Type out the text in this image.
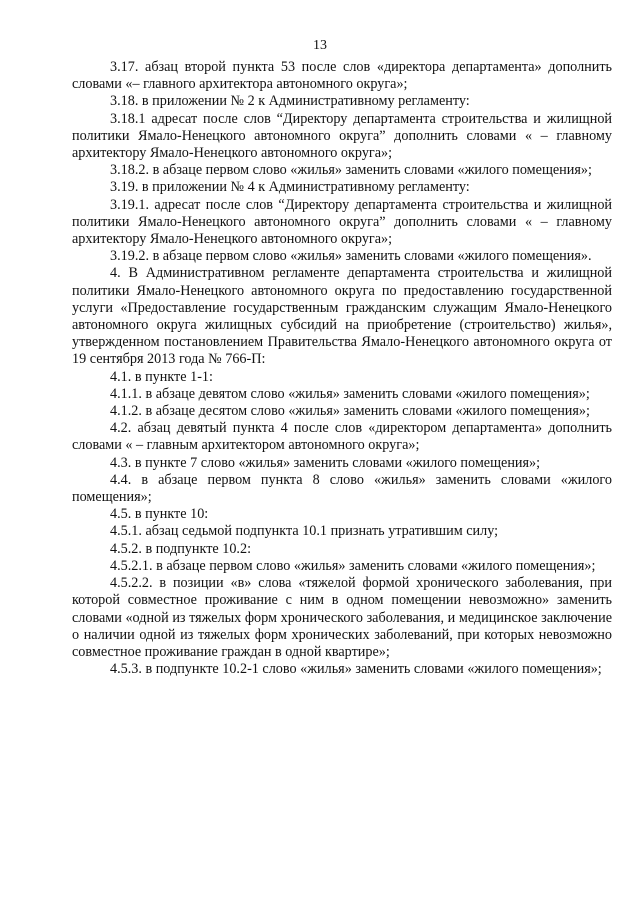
13

3.17. абзац второй пункта 53 после слов «директора департамента» дополнить словами «– главного архитектора автономного округа»;

3.18. в приложении № 2 к Административному регламенту:

3.18.1 адресат после слов “Директору департамента строительства и жилищной политики Ямало-Ненецкого автономного округа” дополнить словами « – главному архитектору Ямало-Ненецкого автономного округа»;

3.18.2. в абзаце первом слово «жилья» заменить словами «жилого помещения»;

3.19. в приложении № 4 к Административному регламенту:

3.19.1. адресат после слов “Директору департамента строительства и жилищной политики Ямало-Ненецкого автономного округа” дополнить словами « – главному архитектору Ямало-Ненецкого автономного округа»;

3.19.2. в абзаце первом слово «жилья» заменить словами «жилого помещения».

4. В Административном регламенте департамента строительства и жилищной политики Ямало-Ненецкого автономного округа по предоставлению государственной услуги «Предоставление государственным гражданским служащим Ямало-Ненецкого автономного округа жилищных субсидий на приобретение (строительство) жилья», утвержденном постановлением Правительства Ямало-Ненецкого автономного округа от 19 сентября 2013 года № 766-П:

4.1. в пункте 1-1:

4.1.1. в абзаце девятом слово «жилья» заменить словами «жилого помещения»;

4.1.2. в абзаце десятом слово «жилья» заменить словами «жилого помещения»;

4.2. абзац девятый пункта 4 после слов «директором департамента» дополнить словами « – главным архитектором автономного округа»;

4.3. в пункте 7 слово «жилья» заменить словами «жилого помещения»;

4.4. в абзаце первом пункта 8 слово «жилья» заменить словами «жилого помещения»;

4.5. в пункте 10:

4.5.1. абзац седьмой подпункта 10.1 признать утратившим силу;

4.5.2. в подпункте 10.2:

4.5.2.1. в абзаце первом слово «жилья» заменить словами «жилого помещения»;

4.5.2.2. в позиции «в» слова «тяжелой формой хронического заболевания, при которой совместное проживание с ним в одном помещении невозможно» заменить словами «одной из тяжелых форм хронического заболевания, и медицинское заключение о наличии одной из тяжелых форм хронических заболеваний, при которых невозможно совместное проживание граждан в одной квартире»;

4.5.3. в подпункте 10.2-1 слово «жилья» заменить словами «жилого помещения»;
